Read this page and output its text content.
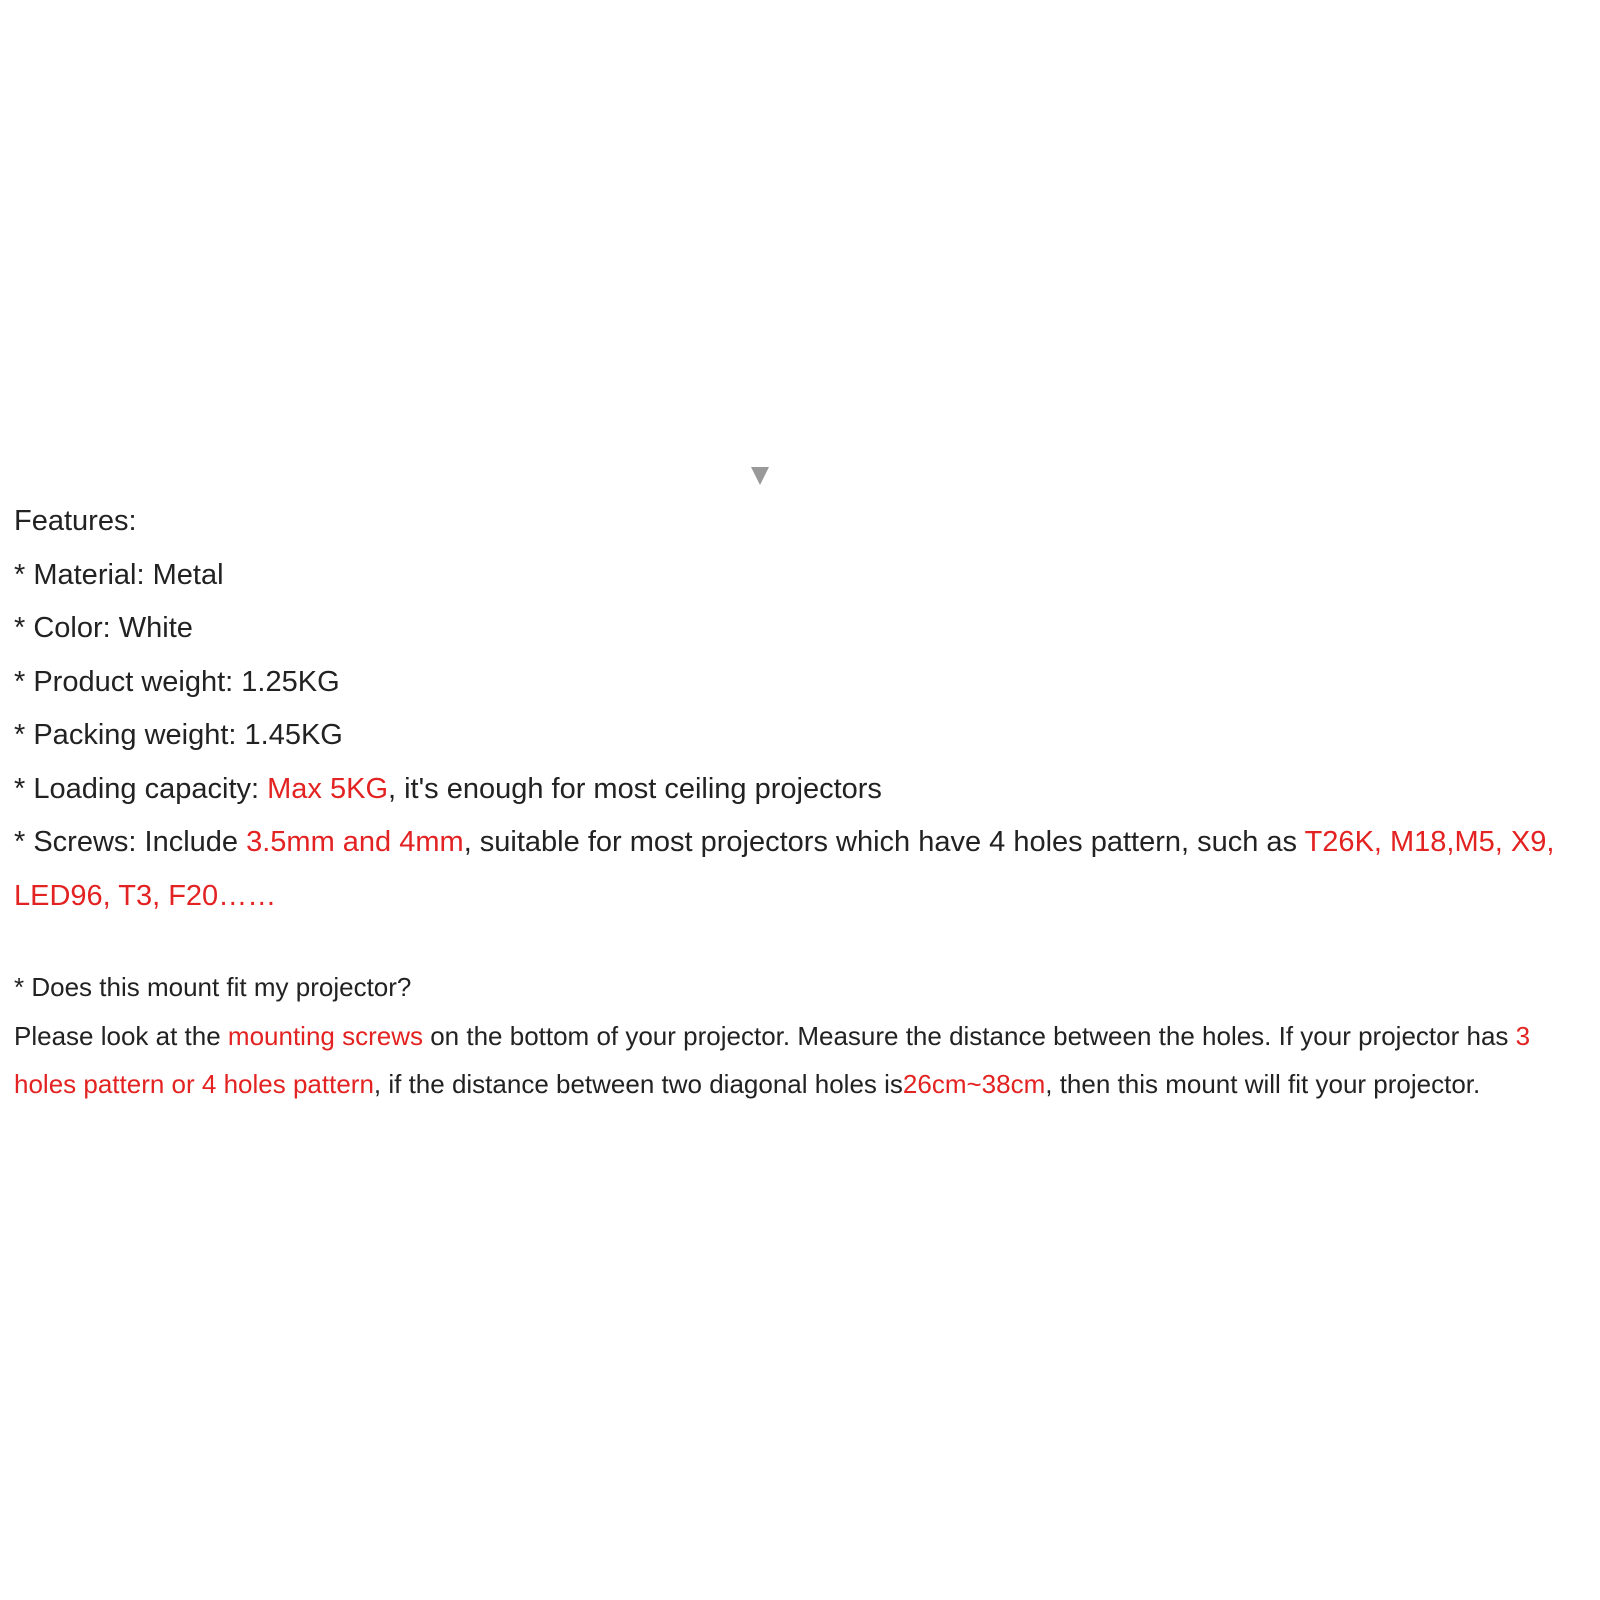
Features:
* Material: Metal
* Color: White
* Product weight: 1.25KG
* Packing weight: 1.45KG
* Loading capacity: Max 5KG, it's enough for most ceiling projectors
* Screws: Include 3.5mm and 4mm, suitable for most projectors which have 4 holes pattern, such as T26K, M18,M5, X9, LED96, T3, F20……
* Does this mount fit my projector?
Please look at the mounting screws on the bottom of your projector. Measure the distance between the holes. If your projector has 3 holes pattern or 4 holes pattern, if the distance between two diagonal holes is26cm~38cm, then this mount will fit your projector.
